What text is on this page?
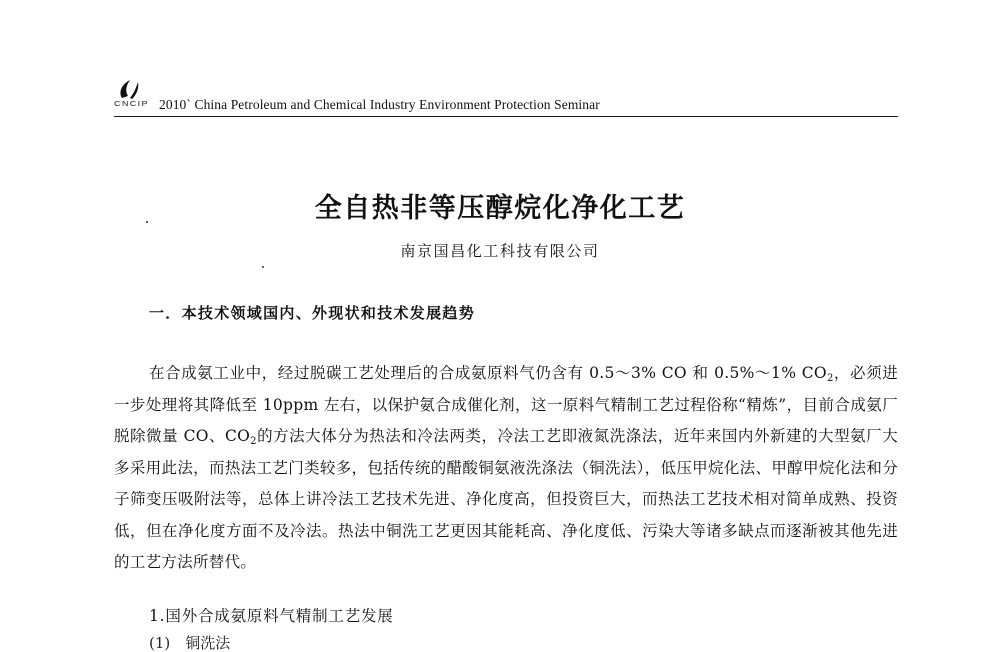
CNCIP 2010` China Petroleum and Chemical Industry Environment Protection Seminar
全自热非等压醇烷化净化工艺
南京国昌化工科技有限公司
一．本技术领域国内、外现状和技术发展趋势
在合成氨工业中，经过脱碳工艺处理后的合成氨原料气仍含有 0.5～3% CO 和 0.5%～1% $CO_2$，必须进一步处理将其降低至 10ppm 左右，以保护氨合成催化剂，这一原料气精制工艺过程俗称“精炼”，目前合成氨厂脱除微量 CO、$CO_2$的方法大体分为热法和冷法两类，冷法工艺即液氮洗涤法，近年来国内外新建的大型氨厂大多采用此法，而热法工艺门类较多，包括传统的醋酸铜氨液洗涤法（铜洗法），低压甲烷化法、甲醇甲烷化法和分子筛变压吸附法等，总体上讲冷法工艺技术先进、净化度高，但投资巨大，而热法工艺技术相对简单成熟、投资低，但在净化度方面不及冷法。热法中铜洗工艺更因其能耗高、净化度低、污染大等诸多缺点而逐渐被其他先进的工艺方法所替代。
1.国外合成氨原料气精制工艺发展
(1)　铜洗法
